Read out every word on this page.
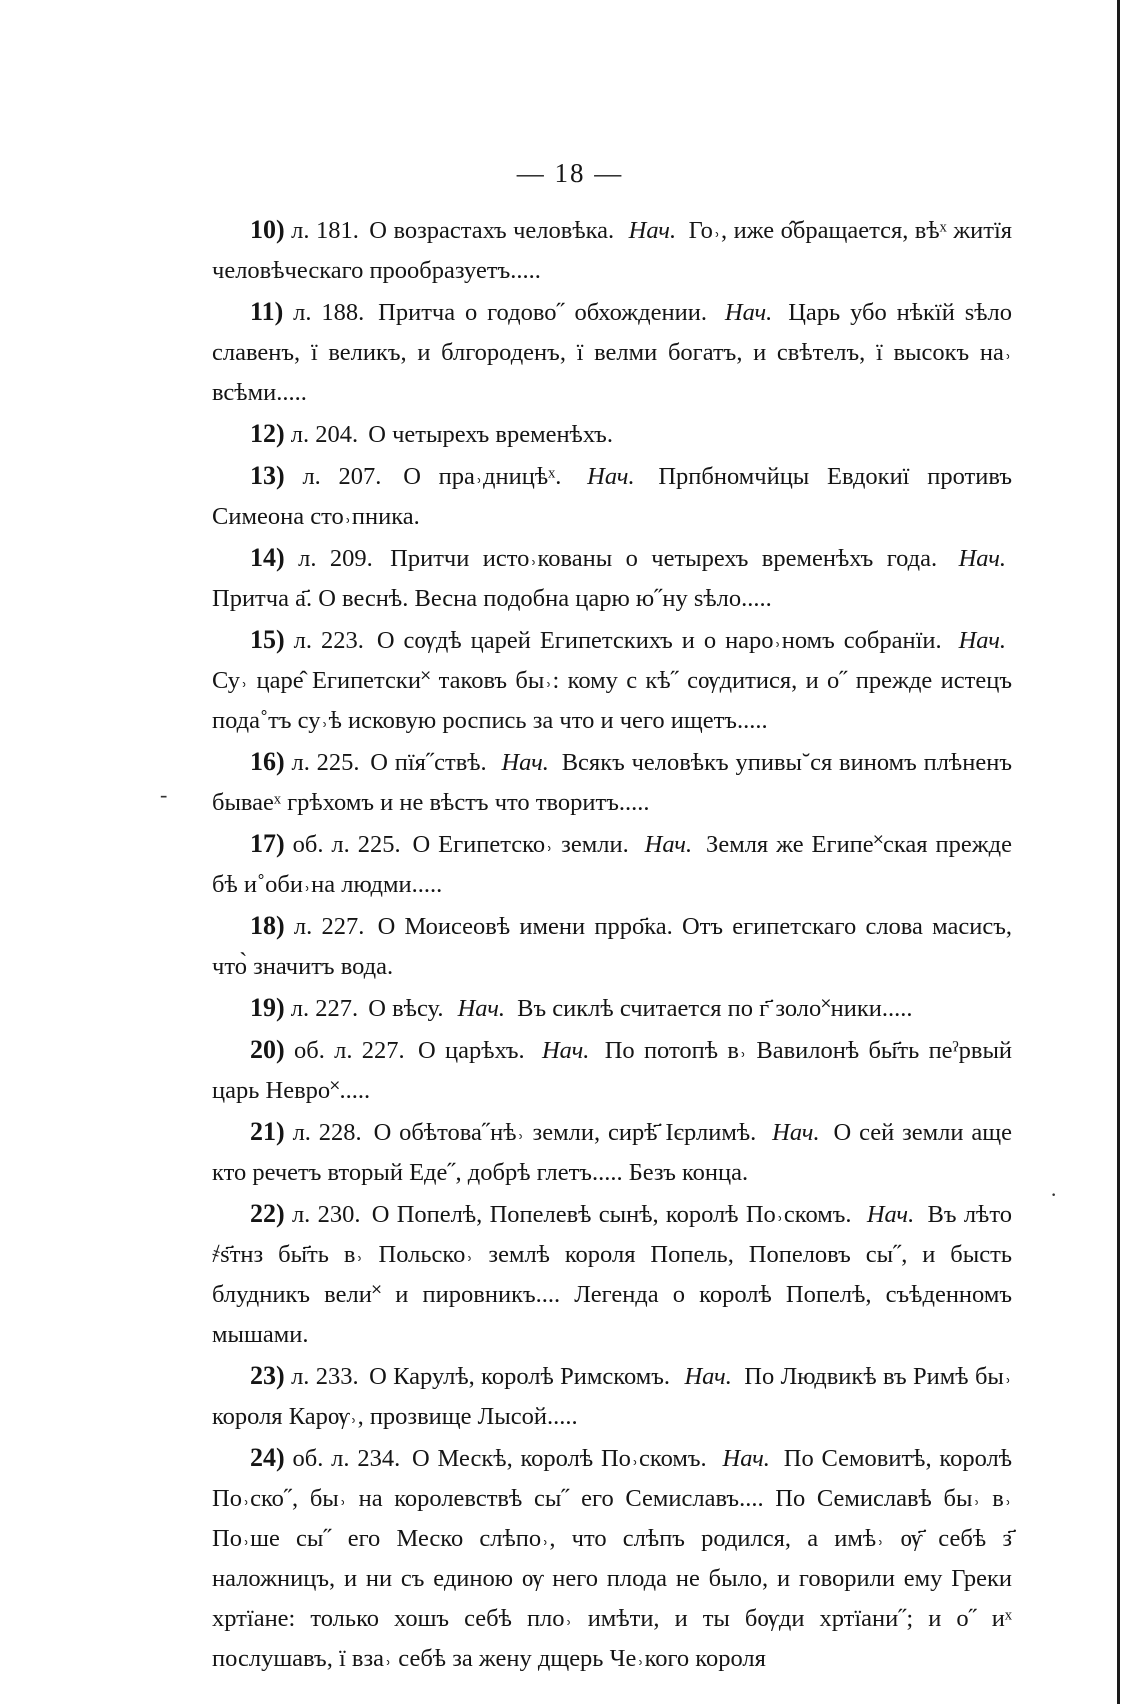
— 18 —
-
·

10) л. 181. О возрастахъ человѣка. Нач. Го˒, иже о̂бращается, вѣˣ житїя человѣческаго прообразуетъ.....

11) л. 188. Притча о годово˝ обхождении. Нач. Царь убо нѣкїй ѕѣло славенъ, ї великъ, и блгороденъ, ї велми богатъ, и свѣтелъ, ї высокъ на˒ всѣми.....

12) л. 204. О четырехъ временѣхъ.

13) л. 207. О пра˒дницѣˣ. Нач. Прпбномчйцы Евдокиї противъ Симеона сто˒пника.

14) л. 209. Притчи исто˒кованы о четырехъ временѣхъ года. Нач. Притча а҃. О веснѣ. Весна подобна царю ю˝ну ѕѣло.....

15) л. 223. О сѹдѣ царей Египетскихъ и о наро˒номъ собранїи. Нач. Су˒ царе̂ Египетски˟ таковъ бы˒: кому с кѣ˝ сѹдитися, и о˝ прежде истецъ пода˚тъ су˒ѣ исковую роспись за что и чего ищетъ.....

16) л. 225. О пїя˝ствѣ. Нач. Всякъ человѣкъ упивы˘ся виномъ плѣненъ бываеˣ грѣхомъ и не вѣстъ что творитъ.....

17) об. л. 225. О Египетско˒ земли. Нач. Земля же Египе˟ская прежде бѣ и˚оби˒на людми.....

18) л. 227. О Моисеовѣ имени прро҃ка. Отъ египетскаго слова масисъ, что̀ значитъ вода.

19) л. 227. О вѣсу. Нач. Въ сиклѣ считается по г҃ золо˟ники.....

20) об. л. 227. О царѣхъ. Нач. По потопѣ в˒ Вавилонѣ бы҃ть пеˀрвый царь Невро˟.....

21) л. 228. О обѣтова˝нѣ˒ земли, сирѣ҃ Ієрлимѣ. Нач. О сей земли аще кто речетъ вторый Еде˝, добрѣ глетъ..... Безъ конца.

22) л. 230. О Попелѣ, Попелевѣ сынѣ, королѣ По˒скомъ. Нач. Въ лѣто ҂ѕ҃тнз бы҃ть в˒ Польско˒ землѣ короля Попель, Попеловъ сы˝, и бысть блудникъ вели˟ и пировникъ.... Легенда о королѣ Попелѣ, съѣденномъ мышами.

23) л. 233. О Карулѣ, королѣ Римскомъ. Нач. По Людвикѣ въ Римѣ бы˒ короля Карѹ˒, прозвище Лысой.....

24) об. л. 234. О Мескѣ, королѣ По˒скомъ. Нач. По Семовитѣ, королѣ По˒ско˝, бы˒ на королевствѣ сы˝ его Семиславъ.... По Семиславѣ бы˒ в˒ По˒ше сы˝ его Меско слѣпо˒, что слѣпъ родился, а имѣ˒ ѹ҃ себѣ з҃ наложницъ, и ни съ единою ѹ него плода не было, и говорили ему Греки хртїане: только хошъ себѣ пло˒ имѣти, и ты бѹди хртїани˝; и о˝ иˣ послушавъ, ї вза˒ себѣ за жену дщерь Че˒кого короля
